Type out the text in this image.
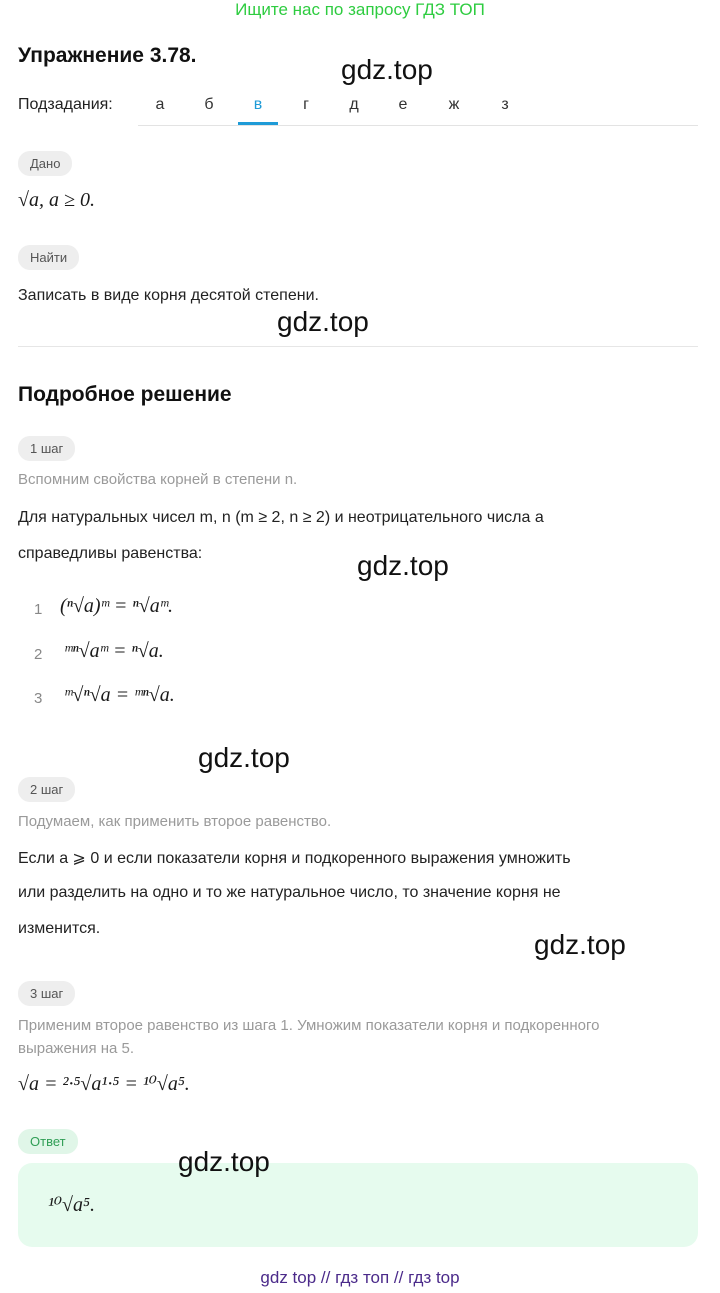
Ищите нас по запросу ГДЗ ТОП
Упражнение 3.78.	gdz.top
Подзадания:	а	б	в	г	д	е	ж	з
Дано
√a, a ≥ 0.
Найти
Записать в виде корня десятой степени.
gdz.top
Подробное решение
1 шаг
Вспомним свойства корней в степени n.
Для натуральных чисел m, n (m ≥ 2, n ≥ 2) и неотрицательного числа a
справедливы равенства:	gdz.top
1 (ⁿ√a)ᵐ = ⁿ√aᵐ.
2 ᵐⁿ√aᵐ = ⁿ√a.
3 ᵐ√ⁿ√a = ᵐⁿ√a.
gdz.top
2 шаг
Подумаем, как применить второе равенство.
Если a ⩾ 0 и если показатели корня и подкоренного выражения умножить
или разделить на одно и то же натуральное число, то значение корня не
изменится.
gdz.top
3 шаг
Применим второе равенство из шага 1. Умножим показатели корня и подкоренного
выражения на 5.
√a = ²·⁵√a¹·⁵ = ¹⁰√a⁵.
Ответ
¹⁰√a⁵.
gdz.top
gdz top // гдз топ // гдз top
